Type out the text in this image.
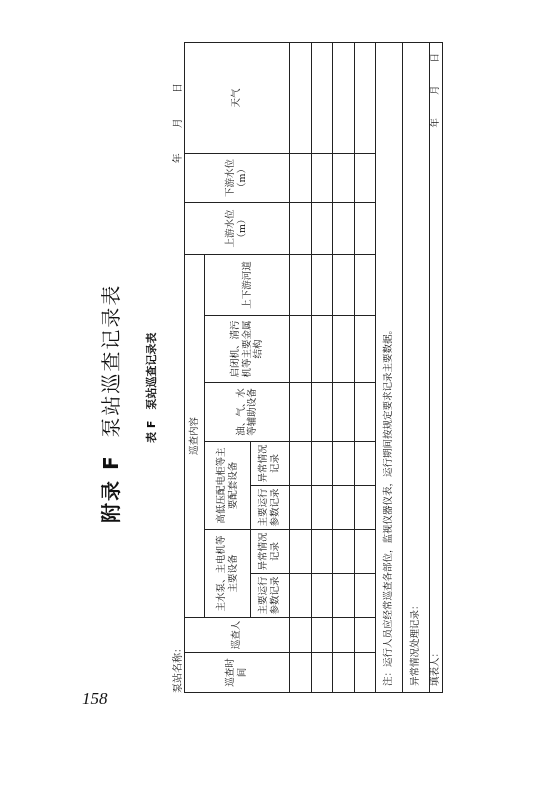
158
附录 F  泵站巡查记录表 表 F　泵站巡查记录表
泵站名称：
年 月 日
巡查时间	巡查人	巡查内容							上游水位（m）	下游水位（m）	天气
		主水泵、主电机等主要设备		高低压配电柜等主要配套设备		油、气、水等辅助设备	启闭机、清污机等主要金属结构	上下游河道			
		主要运行参数记录	异常情况记录	主要运行参数记录	异常情况记录						

注：运行人员应经常巡查各部位，监视仪器仪表，运行期间按规定要求记录主要数据。											
异常情况处理记录：											
填表人：
年 月 日											
